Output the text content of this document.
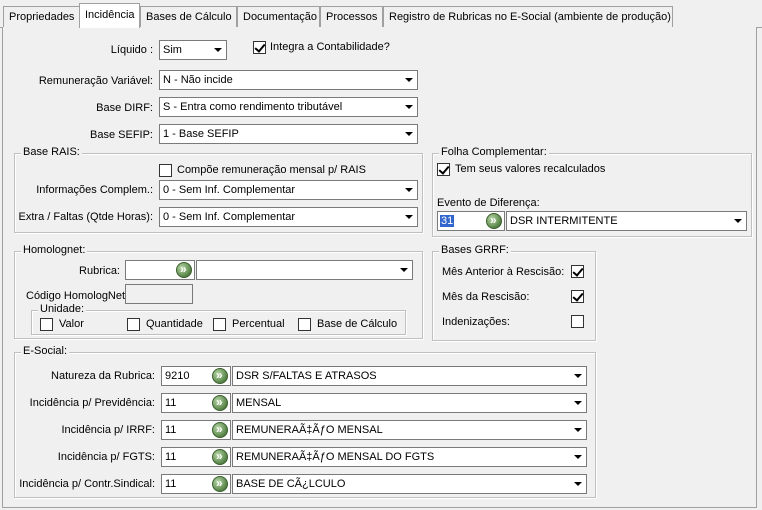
Propriedades Incidência	Bases de Cálculo	Documentação Processos	Registro de Rubricas no E-Social (ambiente de produção)
Líquido : Sim	Integra a Contabilidade?
Remuneração Variável: N - Não incide
Base DIRF: S - Entra como rendimento tributável
Base SEFIP: 1 - Base SEFIP
Base RAIS:
Compõe remuneração mensal p/ RAIS
Informações Complem.: 0 - Sem Inf. Complementar
Extra / Faltas (Qtde Horas): 0 - Sem Inf. Complementar
Folha Complementar:
Tem seus valores recalculados
Evento de Diferença:
31 »	DSR INTERMITENTE
Homolognet:
Rubrica:
»
Código HomologNet
Unidade:
Valor	Quantidade	Percentual	Base de Cálculo
Bases GRRF:
Mês Anterior à Rescisão:
Mês da Rescisão:
Indenizações:
E-Social:
Natureza da Rubrica: 9210 »	DSR S/FALTAS E ATRASOS
Incidência p/ Previdência: 11 »	MENSAL
Incidência p/ IRRF: 11 »	REMUNERAÃ‡ÃƒO MENSAL
Incidência p/ FGTS: 11 »	REMUNERAÃ‡ÃƒO MENSAL DO FGTS
Incidência p/ Contr.Sindical: 11 »	BASE DE CÃ¿LCULO
